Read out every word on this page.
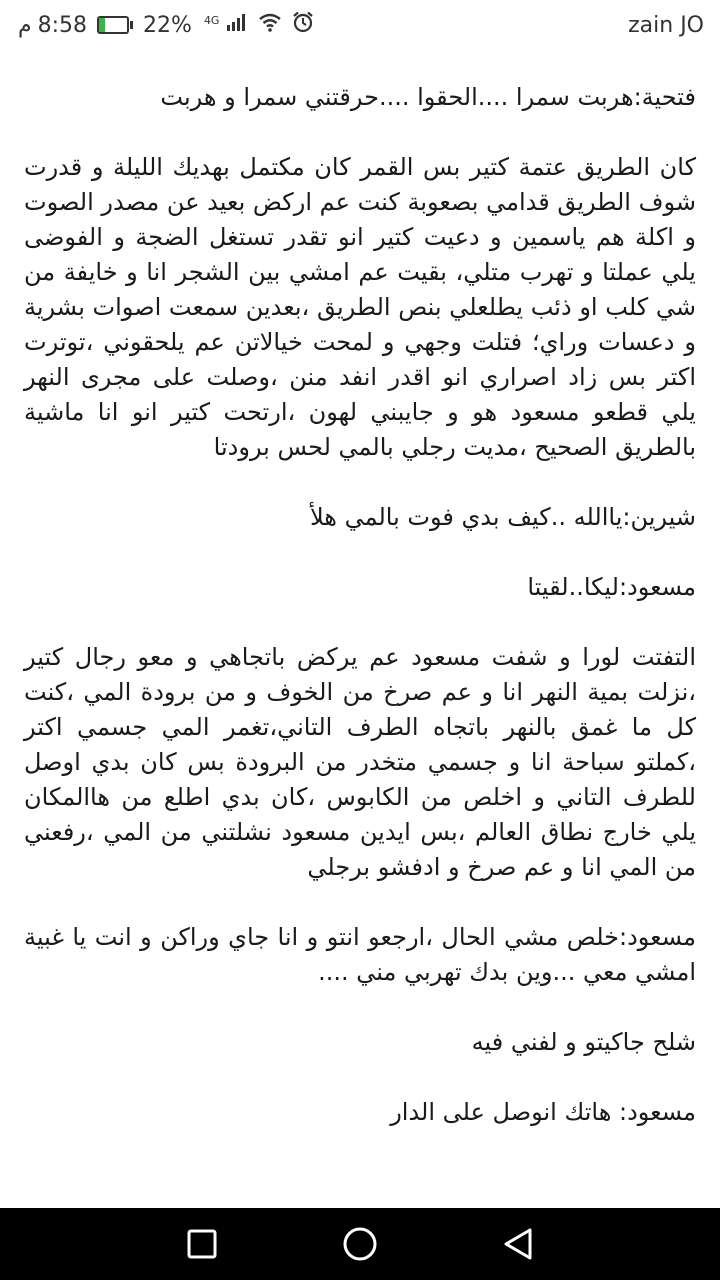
م 8:58	22% $^{4G}$	zain JO

فتحية:هربت سمرا ....الحقوا ....حرقتني سمرا و هربت

كان الطريق عتمة كتير بس القمر كان مكتمل بهديك الليلة و قدرت شوف الطريق قدامي بصعوبة كنت عم اركض بعيد عن مصدر الصوت و اكلة هم ياسمين و دعيت كتير انو تقدر تستغل الضجة و الفوضى يلي عملتا و تهرب متلي، بقيت عم امشي بين الشجر انا و خايفة من شي كلب او ذئب يطلعلي بنص الطريق ،بعدين سمعت اصوات بشرية و دعسات وراي؛ فتلت وجهي و لمحت خيالاتن عم يلحقوني ،توترت اكتر بس زاد اصراري انو اقدر انفد منن ،وصلت على مجرى النهر يلي قطعو مسعود هو و جايبني لهون ،ارتحت كتير انو انا ماشية بالطريق الصحيح ،مديت رجلي بالمي لحس برودتا

شيرين:ياالله ..كيف بدي فوت بالمي هلأ

مسعود:ليكا..لقيتا

التفتت لورا و شفت مسعود عم يركض باتجاهي و معو رجال كتير ،نزلت بمية النهر انا و عم صرخ من الخوف و من برودة المي ،كنت كل ما غمق بالنهر باتجاه الطرف التاني،تغمر المي جسمي اكتر ،كملتو سباحة انا و جسمي متخدر من البرودة بس كان بدي اوصل للطرف التاني و اخلص من الكابوس ،كان بدي اطلع من هاالمكان يلي خارج نطاق العالم ،بس ايدين مسعود نشلتني من المي ،رفعني من المي انا و عم صرخ و ادفشو برجلي

مسعود:خلص مشي الحال ،ارجعو انتو و انا جاي وراكن و انت يا غبية امشي معي ...وين بدك تهربي مني ....

شلح جاكيتو و لفني فيه

مسعود: هاتك انوصل على الدار
